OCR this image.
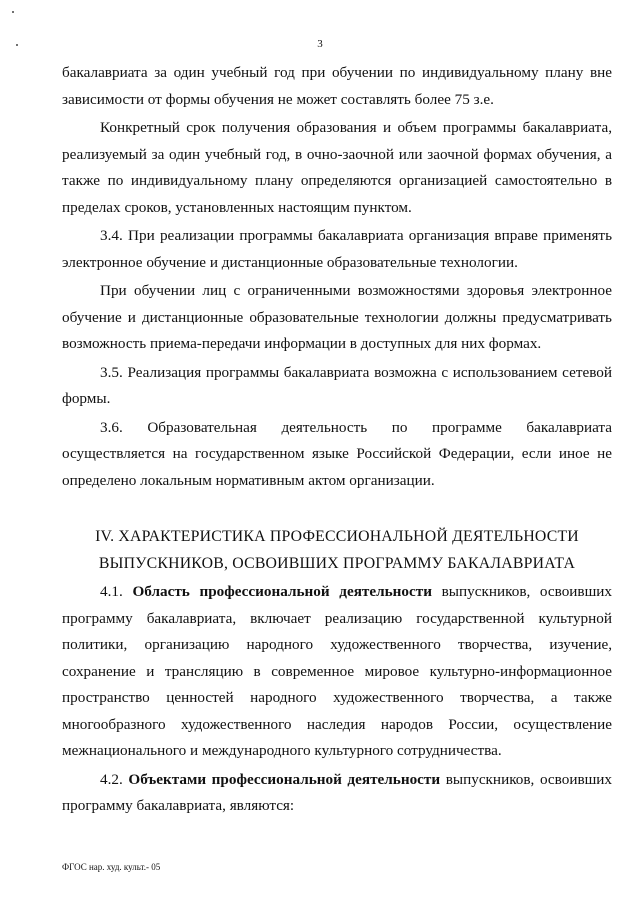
3

бакалавриата за один учебный год при обучении по индивидуальному плану вне зависимости от формы обучения не может составлять более 75 з.е.

Конкретный срок получения образования и объем программы бакалавриата, реализуемый за один учебный год, в очно-заочной или заочной формах обучения, а также по индивидуальному плану определяются организацией самостоятельно в пределах сроков, установленных настоящим пунктом.

3.4. При реализации программы бакалавриата организация вправе применять электронное обучение и дистанционные образовательные технологии.

При обучении лиц с ограниченными возможностями здоровья электронное обучение и дистанционные образовательные технологии должны предусматривать возможность приема-передачи информации в доступных для них формах.

3.5. Реализация программы бакалавриата возможна с использованием сетевой формы.

3.6. Образовательная деятельность по программе бакалавриата осуществляется на государственном языке Российской Федерации, если иное не определено локальным нормативным актом организации.

IV. ХАРАКТЕРИСТИКА ПРОФЕССИОНАЛЬНОЙ ДЕЯТЕЛЬНОСТИ
ВЫПУСКНИКОВ, ОСВОИВШИХ ПРОГРАММУ БАКАЛАВРИАТА

4.1. Область профессиональной деятельности выпускников, освоивших программу бакалавриата, включает реализацию государственной культурной политики, организацию народного художественного творчества, изучение, сохранение и трансляцию в современное мировое культурно-информационное пространство ценностей народного художественного творчества, а также многообразного художественного наследия народов России, осуществление межнационального и международного культурного сотрудничества.

4.2. Объектами профессиональной деятельности выпускников, освоивших программу бакалавриата, являются:

ФГОС нар. худ. культ.- 05
